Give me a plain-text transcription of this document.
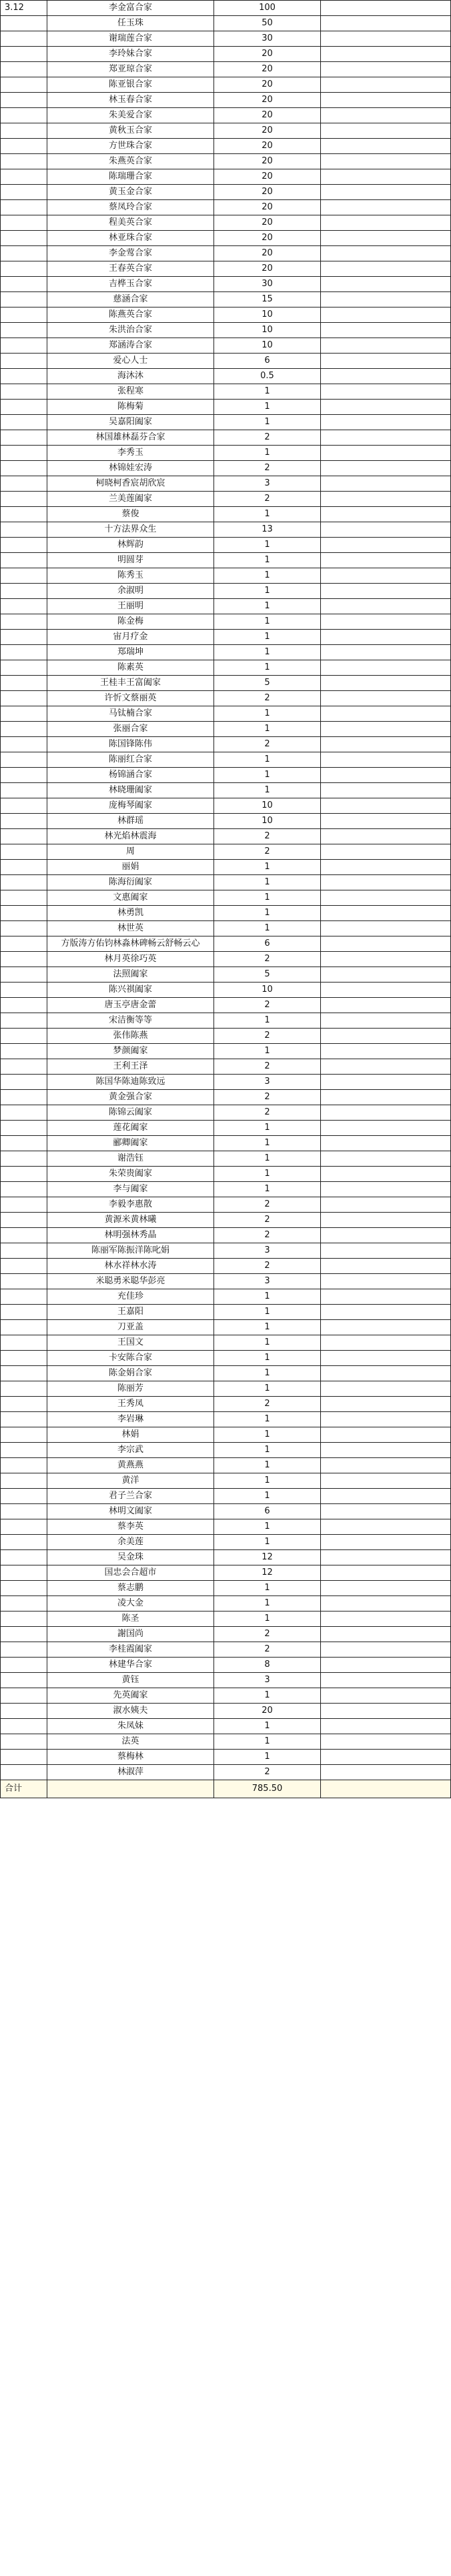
3.12	李金富合家	100	
	任玉珠	50	
	谢瑞莲合家	30	
	李玲妹合家	20	
	郑亚琼合家	20	
	陈亚银合家	20	
	林玉春合家	20	
	朱美爱合家	20	
	黄秋玉合家	20	
	方世珠合家	20	
	朱燕英合家	20	
	陈瑞珊合家	20	
	黄玉金合家	20	
	蔡凤玲合家	20	
	程美英合家	20	
	林亚珠合家	20	
	李金莺合家	20	
	王春英合家	20	
	吉桦玉合家	30	
	慈涵合家	15	
	陈燕英合家	10	
	朱洪治合家	10	
	郑涵涛合家	10	
	爱心人士	6	
	海沐沐	0.5	
	张程寒	1	
	陈梅菊	1	
	吴嘉阳阖家	1	
	林国雄林磊芬合家	2	
	李秀玉	1	
	林锦娃宏涛	2	
	柯晓柯香宸胡欣宸	3	
	兰美莲阖家	2	
	蔡俊	1	
	十方法界众生	13	
	林辉韵	1	
	明圆芽	1	
	陈秀玉	1	
	余淑明	1	
	王丽明	1	
	陈金梅	1	
	宙月疗金	1	
	郑瑞坤	1	
	陈素英	1	
	王桂丰王富阖家	5	
	许忻文蔡丽英	2	
	马钛楠合家	1	
	张丽合家	1	
	陈国锋陈伟	2	
	陈丽红合家	1	
	杨锦涵合家	1	
	林晓珊阖家	1	
	庞梅琴阖家	10	
	林群瑶	10	
	林光焰林震海	2	
	周	2	
	丽娟	1	
	陈海衍阖家	1	
	文惠阖家	1	
	林勇凯	1	
	林世英	1	
	方版涛方佑钧林淼林碑畅云舒畅云心	6	
	林月英徐巧英	2	
	法照阖家	5	
	陈兴祺阖家	10	
	唐玉亭唐金蕾	2	
	宋洁衡等等	1	
	张伟陈燕	2	
	梦颜阖家	1	
	王利王泽	2	
	陈国华陈迪陈致远	3	
	黄金强合家	2	
	陈锦云阖家	2	
	莲花阖家	1	
	郦卿阖家	1	
	谢浩钰	1	
	朱荣贵阖家	1	
	李与阖家	1	
	李毅李惠散	2	
	黄源米黄林曦	2	
	林明强林秀晶	2	
	陈丽军陈振洋陈叱娟	3	
	林水祥林水涛	2	
	米聪勇米聪华彭亮	3	
	充佳珍	1	
	王嘉阳	1	
	刀亚盖	1	
	王国文	1	
	卡安陈合家	1	
	陈金娟合家	1	
	陈丽芳	1	
	王秀凤	2	
	李岩琳	1	
	林娟	1	
	李宗武	1	
	黄燕燕	1	
	黄洋	1	
	君子兰合家	1	
	林明文阖家	6	
	蔡李英	1	
	余美莲	1	
	吴金珠	12	
	国忠会合超市	12	
	蔡志鹏	1	
	凌大金	1	
	陈圣	1	
	謝国尚	2	
	李桂霞阖家	2	
	林建华合家	8	
	黄钰	3	
	先英阖家	1	
	淑水姨夫	20	
	朱凤妹	1	
	法英	1	
	蔡梅林	1	
	林淑萍	2	
合计		785.50	
